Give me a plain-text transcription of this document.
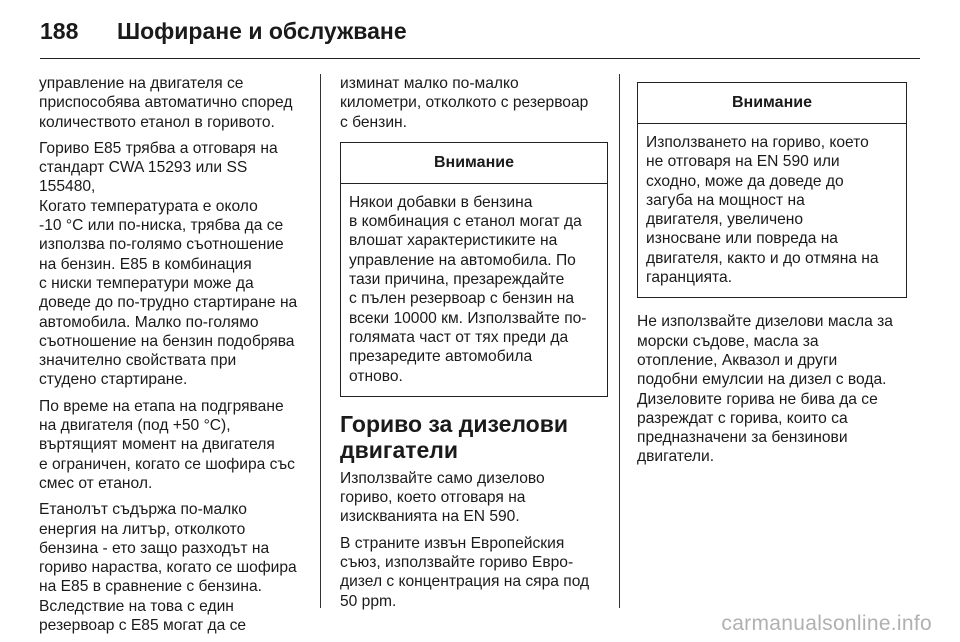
188 Шофиране и обслужване

управление на двигателя се
приспособява автоматично според
количеството етанол в горивото.

Гориво E85 трябва а отговаря на
стандарт CWA 15293 или SS
155480,
Когато температурата е около
-10 °C или по-ниска, трябва да се
използва по-голямо съотношение
на бензин. E85 в комбинация
с ниски температури може да
доведе до по-трудно стартиране на
автомобила. Малко по-голямо
съотношение на бензин подобрява
значително свойствата при
студено стартиране.

По време на етапа на подгряване
на двигателя (под +50 °C),
въртящият момент на двигателя
е ограничен, когато се шофира със
смес от етанол.

Етанолът съдържа по-малко
енергия на литър, отколкото
бензина - ето защо разходът на
гориво нараства, когато се шофира
на E85 в сравнение с бензина.
Вследствие на това с един
резервоар с E85 могат да се

изминат малко по-малко
километри, отколкото с резервоар
с бензин.

Внимание
Някои добавки в бензина
в комбинация с етанол могат да
влошат характеристиките на
управление на автомобила. По
тази причина, презареждайте
с пълен резервоар с бензин на
всеки 10000 км. Използвайте по-
голямата част от тях преди да
презаредите автомобила
отново.
Гориво за дизелови
двигатели

Използвайте само дизелово
гориво, което отговаря на
изискванията на EN 590.

В страните извън Европейския
съюз, използвайте гориво Евро-
дизел с концентрация на сяра под
50 ppm.

Внимание
Използването на гориво, което
не отговаря на EN 590 или
сходно, може да доведе до
загуба на мощност на
двигателя, увеличено
износване или повреда на
двигателя, както и до отмяна на
гаранцията.

Не използвайте дизелови масла за
морски съдове, масла за
отопление, Аквазол и други
подобни емулсии на дизел с вода.
Дизеловите горива не бива да се
разреждат с горива, които са
предназначени за бензинови
двигатели.

carmanualsonline.info
